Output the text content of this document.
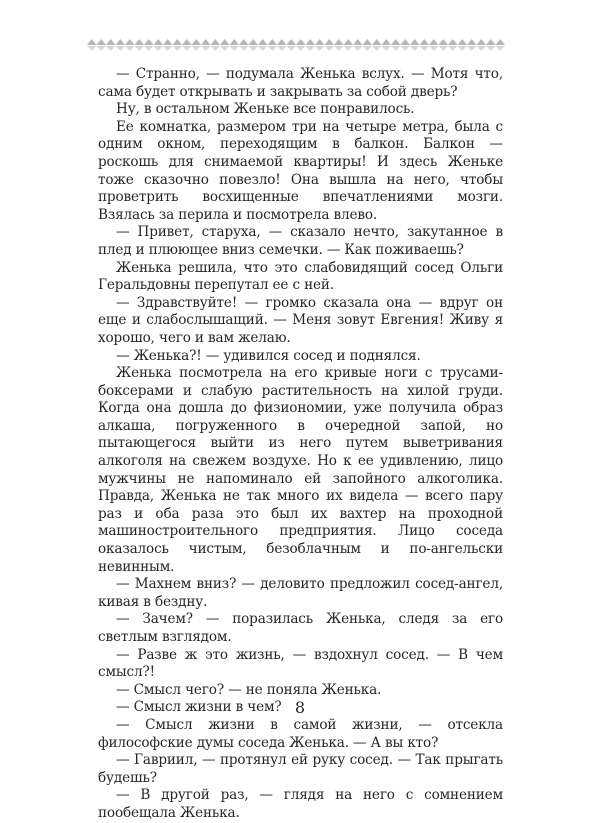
— Странно, — подумала Женька вслух. — Мотя что, сама будет открывать и закрывать за собой дверь?

Ну, в остальном Женьке все понравилось.

Ее комнатка, размером три на четыре метра, была с одним окном, переходящим в балкон. Балкон — роскошь для снимаемой квартиры! И здесь Женьке тоже сказочно повезло! Она вышла на него, чтобы проветрить восхищенные впечатлениями мозги. Взялась за перила и посмотрела влево.

— Привет, старуха, — сказало нечто, закутанное в плед и плюющее вниз семечки. — Как поживаешь?

Женька решила, что это слабовидящий сосед Ольги Геральдовны перепутал ее с ней.

— Здравствуйте! — громко сказала она — вдруг он еще и слабослышащий. — Меня зовут Евгения! Живу я хорошо, чего и вам желаю.

— Женька?! — удивился сосед и поднялся.

Женька посмотрела на его кривые ноги с трусами-боксерами и слабую растительность на хилой груди. Когда она дошла до физиономии, уже получила образ алкаша, погруженного в очередной запой, но пытающегося выйти из него путем выветривания алкоголя на свежем воздухе. Но к ее удивлению, лицо мужчины не напоминало ей запойного алкоголика. Правда, Женька не так много их видела — всего пару раз и оба раза это был их вахтер на проходной машиностроительного предприятия. Лицо соседа оказалось чистым, безоблачным и по-ангельски невинным.

— Махнем вниз? — деловито предложил сосед-ангел, кивая в бездну.

— Зачем? — поразилась Женька, следя за его светлым взглядом.

— Разве ж это жизнь, — вздохнул сосед. — В чем смысл?!

— Смысл чего? — не поняла Женька.

— Смысл жизни в чем?

— Смысл жизни в самой жизни, — отсекла философские думы соседа Женька. — А вы кто?

— Гавриил, — протянул ей руку сосед. — Так прыгать будешь?

— В другой раз, — глядя на него с сомнением пообещала Женька.

8
